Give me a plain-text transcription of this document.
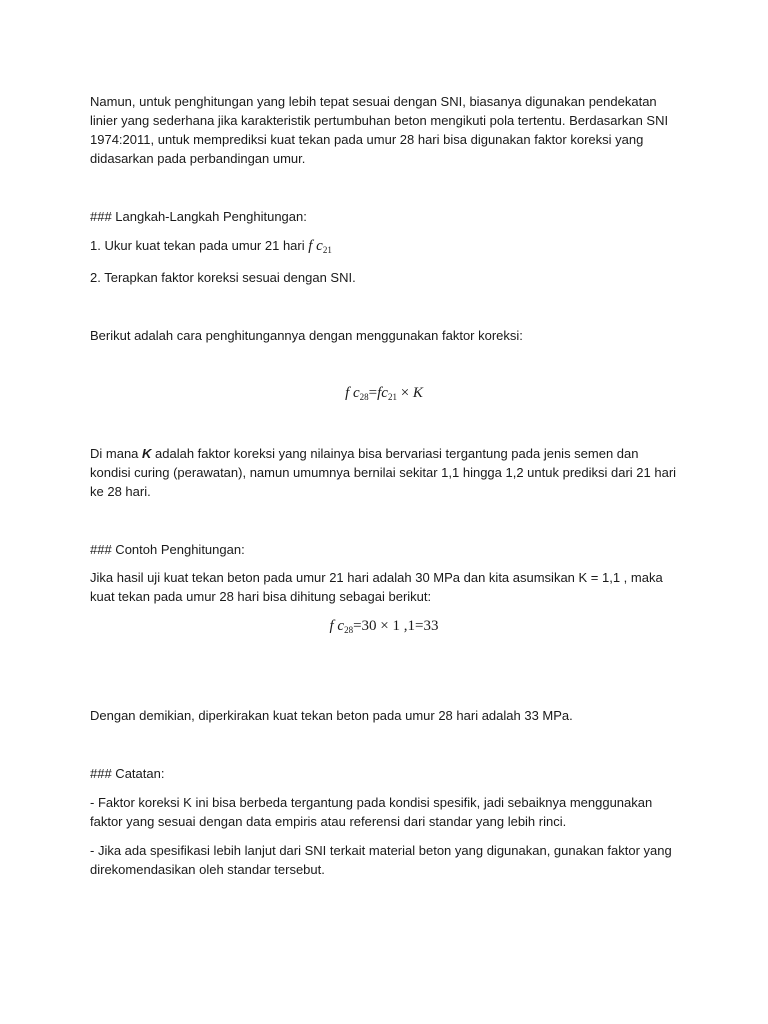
Namun, untuk penghitungan yang lebih tepat sesuai dengan SNI, biasanya digunakan pendekatan linier yang sederhana jika karakteristik pertumbuhan beton mengikuti pola tertentu. Berdasarkan SNI 1974:2011, untuk memprediksi kuat tekan pada umur 28 hari bisa digunakan faktor koreksi yang didasarkan pada perbandingan umur.

### Langkah-Langkah Penghitungan:

1. Ukur kuat tekan pada umur 21 hari f $c_{21}$

2. Terapkan faktor koreksi sesuai dengan SNI.

Berikut adalah cara penghitungannya dengan menggunakan faktor koreksi:

f $c_{28}=fc_{21} \times K$

Di mana K adalah faktor koreksi yang nilainya bisa bervariasi tergantung pada jenis semen dan kondisi curing (perawatan), namun umumnya bernilai sekitar 1,1 hingga 1,2 untuk prediksi dari 21 hari ke 28 hari.

### Contoh Penghitungan:

Jika hasil uji kuat tekan beton pada umur 21 hari adalah 30 MPa dan kita asumsikan K = 1,1 , maka kuat tekan pada umur 28 hari bisa dihitung sebagai berikut:

f $c_{28}=30 \times 1$ ,1=33

Dengan demikian, diperkirakan kuat tekan beton pada umur 28 hari adalah 33 MPa.

### Catatan:

- Faktor koreksi K ini bisa berbeda tergantung pada kondisi spesifik, jadi sebaiknya menggunakan faktor yang sesuai dengan data empiris atau referensi dari standar yang lebih rinci.

- Jika ada spesifikasi lebih lanjut dari SNI terkait material beton yang digunakan, gunakan faktor yang direkomendasikan oleh standar tersebut.
